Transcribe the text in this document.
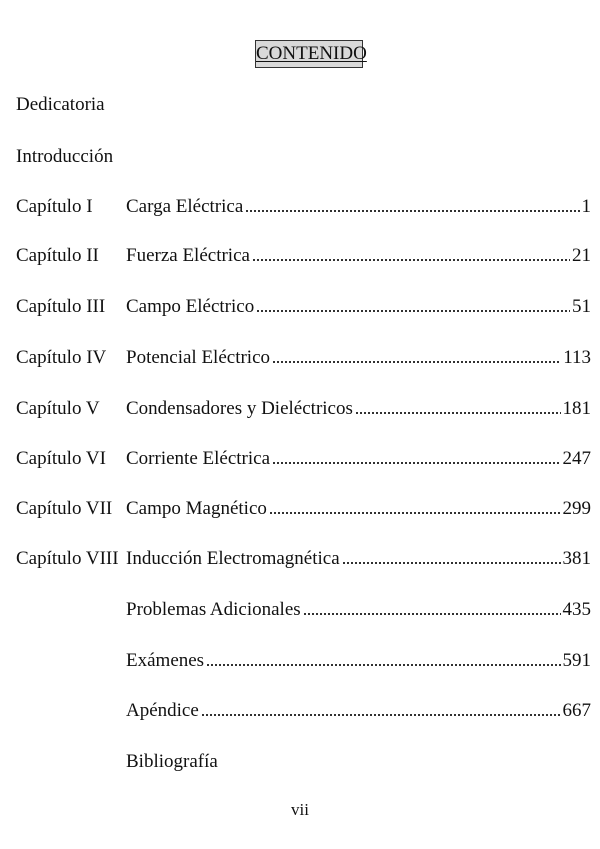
CONTENIDO
Dedicatoria
Introducción
Capítulo I Carga Eléctrica	1
Capítulo II Fuerza Eléctrica	21
Capítulo III Campo Eléctrico	51
Capítulo IV Potencial Eléctrico	113
Capítulo V Condensadores y Dieléctricos	181
Capítulo VI Corriente Eléctrica	247
Capítulo VII Campo Magnético	299
Capítulo VIII Inducción Electromagnética	381
Problemas Adicionales	435
Exámenes	591
Apéndice	667
Bibliografía
vii
